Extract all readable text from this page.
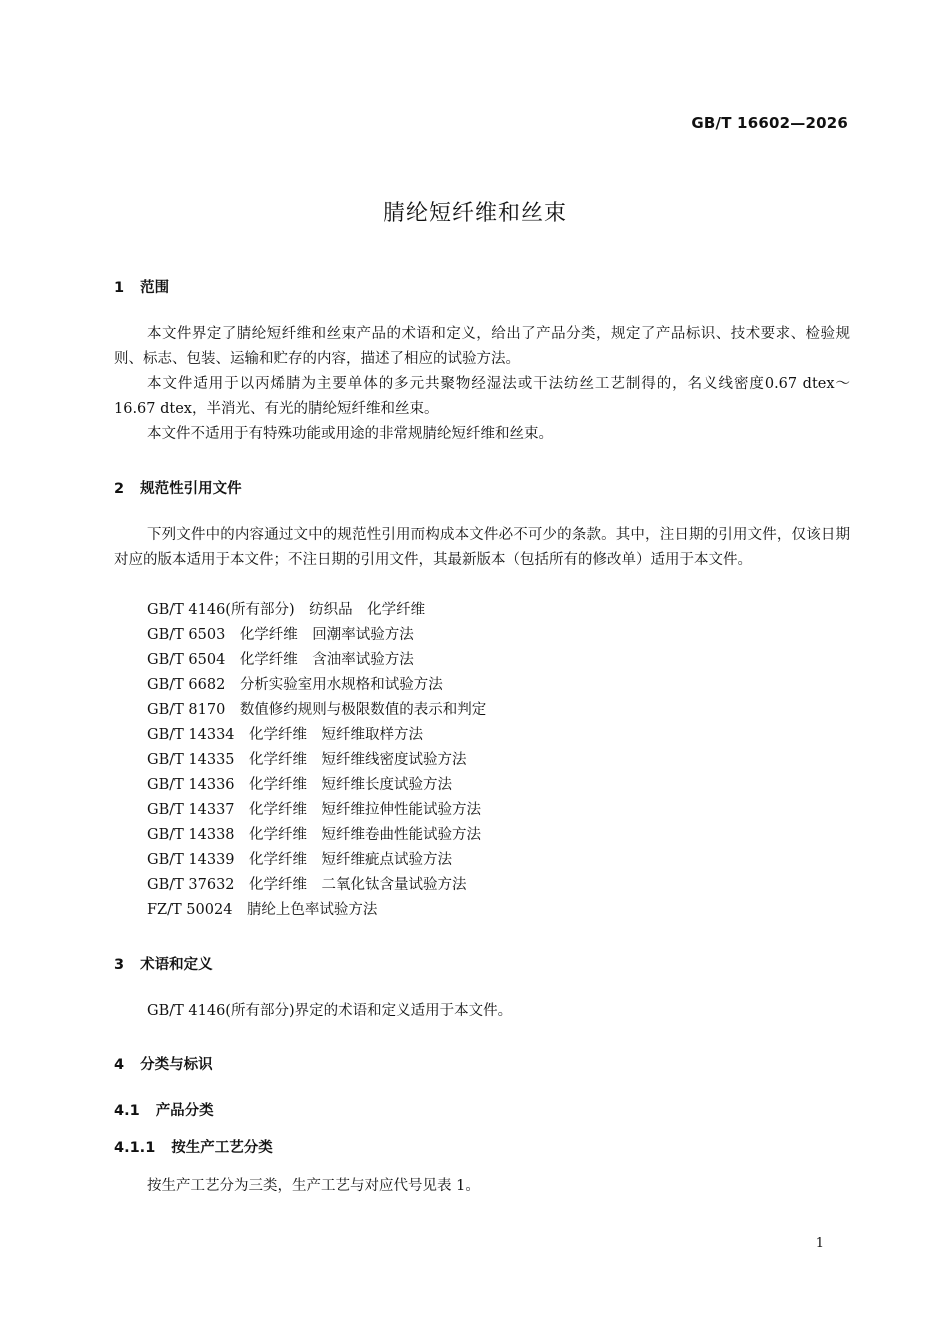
GB/T 16602—2026
腈纶短纤维和丝束
1 范围

本文件界定了腈纶短纤维和丝束产品的术语和定义，给出了产品分类，规定了产品标识、技术要求、检验规则、标志、包装、运输和贮存的内容，描述了相应的试验方法。

本文件适用于以丙烯腈为主要单体的多元共聚物经湿法或干法纺丝工艺制得的，名义线密度0.67 dtex～16.67 dtex，半消光、有光的腈纶短纤维和丝束。

本文件不适用于有特殊功能或用途的非常规腈纶短纤维和丝束。

2 规范性引用文件

下列文件中的内容通过文中的规范性引用而构成本文件必不可少的条款。其中，注日期的引用文件，仅该日期对应的版本适用于本文件；不注日期的引用文件，其最新版本（包括所有的修改单）适用于本文件。

GB/T 4146(所有部分)　 纺织品　化学纤维
GB/T 6503　 化学纤维　回潮率试验方法
GB/T 6504　 化学纤维　含油率试验方法
GB/T 6682　 分析实验室用水规格和试验方法
GB/T 8170　 数值修约规则与极限数值的表示和判定
GB/T 14334　 化学纤维　短纤维取样方法
GB/T 14335　 化学纤维　短纤维线密度试验方法
GB/T 14336　 化学纤维　短纤维长度试验方法
GB/T 14337　 化学纤维　短纤维拉伸性能试验方法
GB/T 14338　 化学纤维　短纤维卷曲性能试验方法
GB/T 14339　 化学纤维　短纤维疵点试验方法
GB/T 37632　 化学纤维　二氧化钛含量试验方法
FZ/T 50024　 腈纶上色率试验方法
3 术语和定义

GB/T 4146(所有部分)界定的术语和定义适用于本文件。

4 分类与标识
4.1 产品分类
4.1.1 按生产工艺分类

按生产工艺分为三类，生产工艺与对应代号见表 1。

1
